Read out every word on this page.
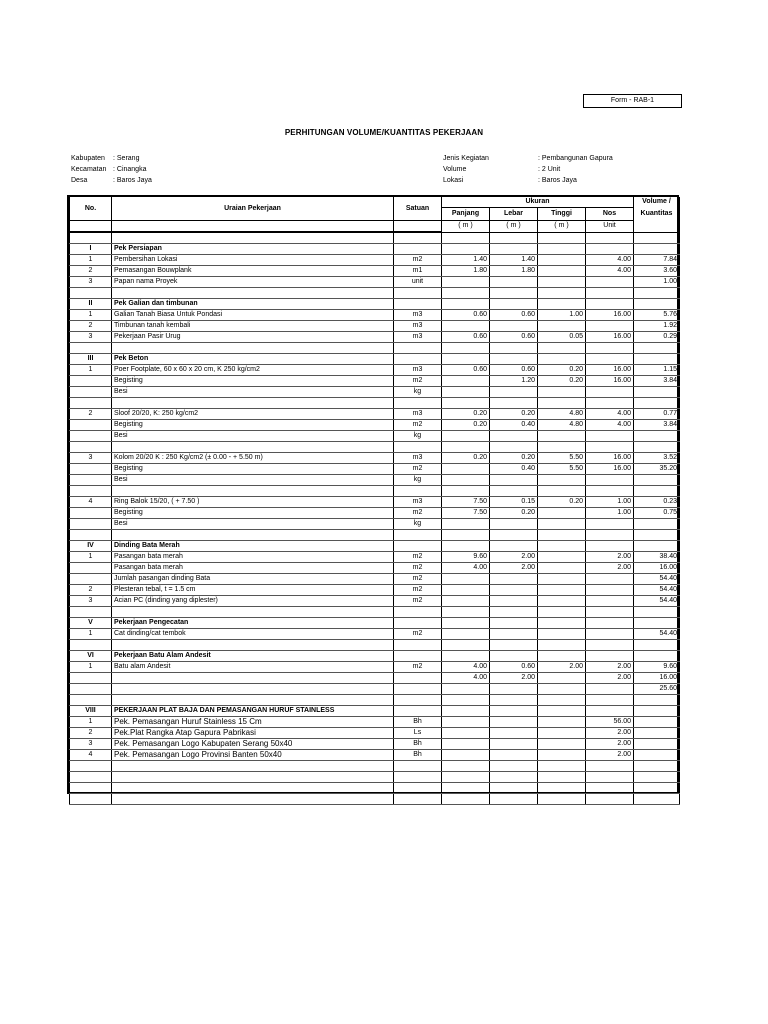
Form - RAB-1
PERHITUNGAN VOLUME/KUANTITAS PEKERJAAN
Kabupaten : Serang
Kecamatan : Cinangka
Desa	: Baros Jaya
Jenis Kegiatan	: Pembangunan Gapura
Volume	: 2 Unit
Lokasi	: Baros Jaya
No.	Uraian Pekerjaan	Satuan	Ukuran				Volume /
			Panjang	Lebar	Tinggi	Nos	Kuantitas
			( m )	( m )	( m )	Unit	

I	Pek Persiapan						
1	Pembersihan Lokasi	m2	1.40	1.40		4.00	7.84
2	Pemasangan Bouwplank	m1	1.80	1.80		4.00	3.60
3	Papan nama Proyek	unit					1.00

II	Pek Galian dan timbunan						
1	Galian Tanah Biasa Untuk Pondasi	m3	0.60	0.60	1.00	16.00	5.76
2	Timbunan tanah kembali	m3					1.92
3	Pekerjaan Pasir Urug	m3	0.60	0.60	0.05	16.00	0.29

III	Pek Beton						
1	Poer Footplate, 60 x 60 x 20 cm, K 250 kg/cm2	m3	0.60	0.60	0.20	16.00	1.15
	Begisting	m2		1.20	0.20	16.00	3.84
	Besi	kg					

2	Sloof 20/20, K: 250 kg/cm2	m3	0.20	0.20	4.80	4.00	0.77
	Begisting	m2	0.20	0.40	4.80	4.00	3.84
	Besi	kg					

3	Kolom 20/20 K : 250 Kg/cm2 (± 0.00 - + 5.50 m)	m3	0.20	0.20	5.50	16.00	3.52
	Begisting	m2		0.40	5.50	16.00	35.20
	Besi	kg					

4	Ring Balok 15/20, ( + 7.50 )	m3	7.50	0.15	0.20	1.00	0.23
	Begisting	m2	7.50	0.20		1.00	0.75
	Besi	kg					

IV	Dinding Bata Merah						
1	Pasangan bata merah	m2	9.60	2.00		2.00	38.40
	Pasangan bata merah	m2	4.00	2.00		2.00	16.00
	Jumlah pasangan dinding Bata	m2					54.40
2	Plesteran tebal, t = 1.5 cm	m2					54.40
3	Acian PC (dinding yang diplester)	m2					54.40

V	Pekerjaan Pengecatan						
1	Cat dinding/cat tembok	m2					54.40

VI	Pekerjaan Batu Alam Andesit						
1	Batu alam Andesit	m2	4.00	0.60	2.00	2.00	9.60
			4.00	2.00		2.00	16.00
							25.60

VIII	PEKERJAAN PLAT BAJA DAN PEMASANGAN HURUF STAINLESS						
1	Pek. Pemasangan Huruf Stainless 15 Cm	Bh				56.00	
2	Pek.Plat Rangka Atap Gapura Pabrikasi	Ls				2.00	
3	Pek. Pemasangan Logo Kabupaten Serang 50x40	Bh				2.00	
4	Pek. Pemasangan Logo Provinsi Banten 50x40	Bh				2.00	
